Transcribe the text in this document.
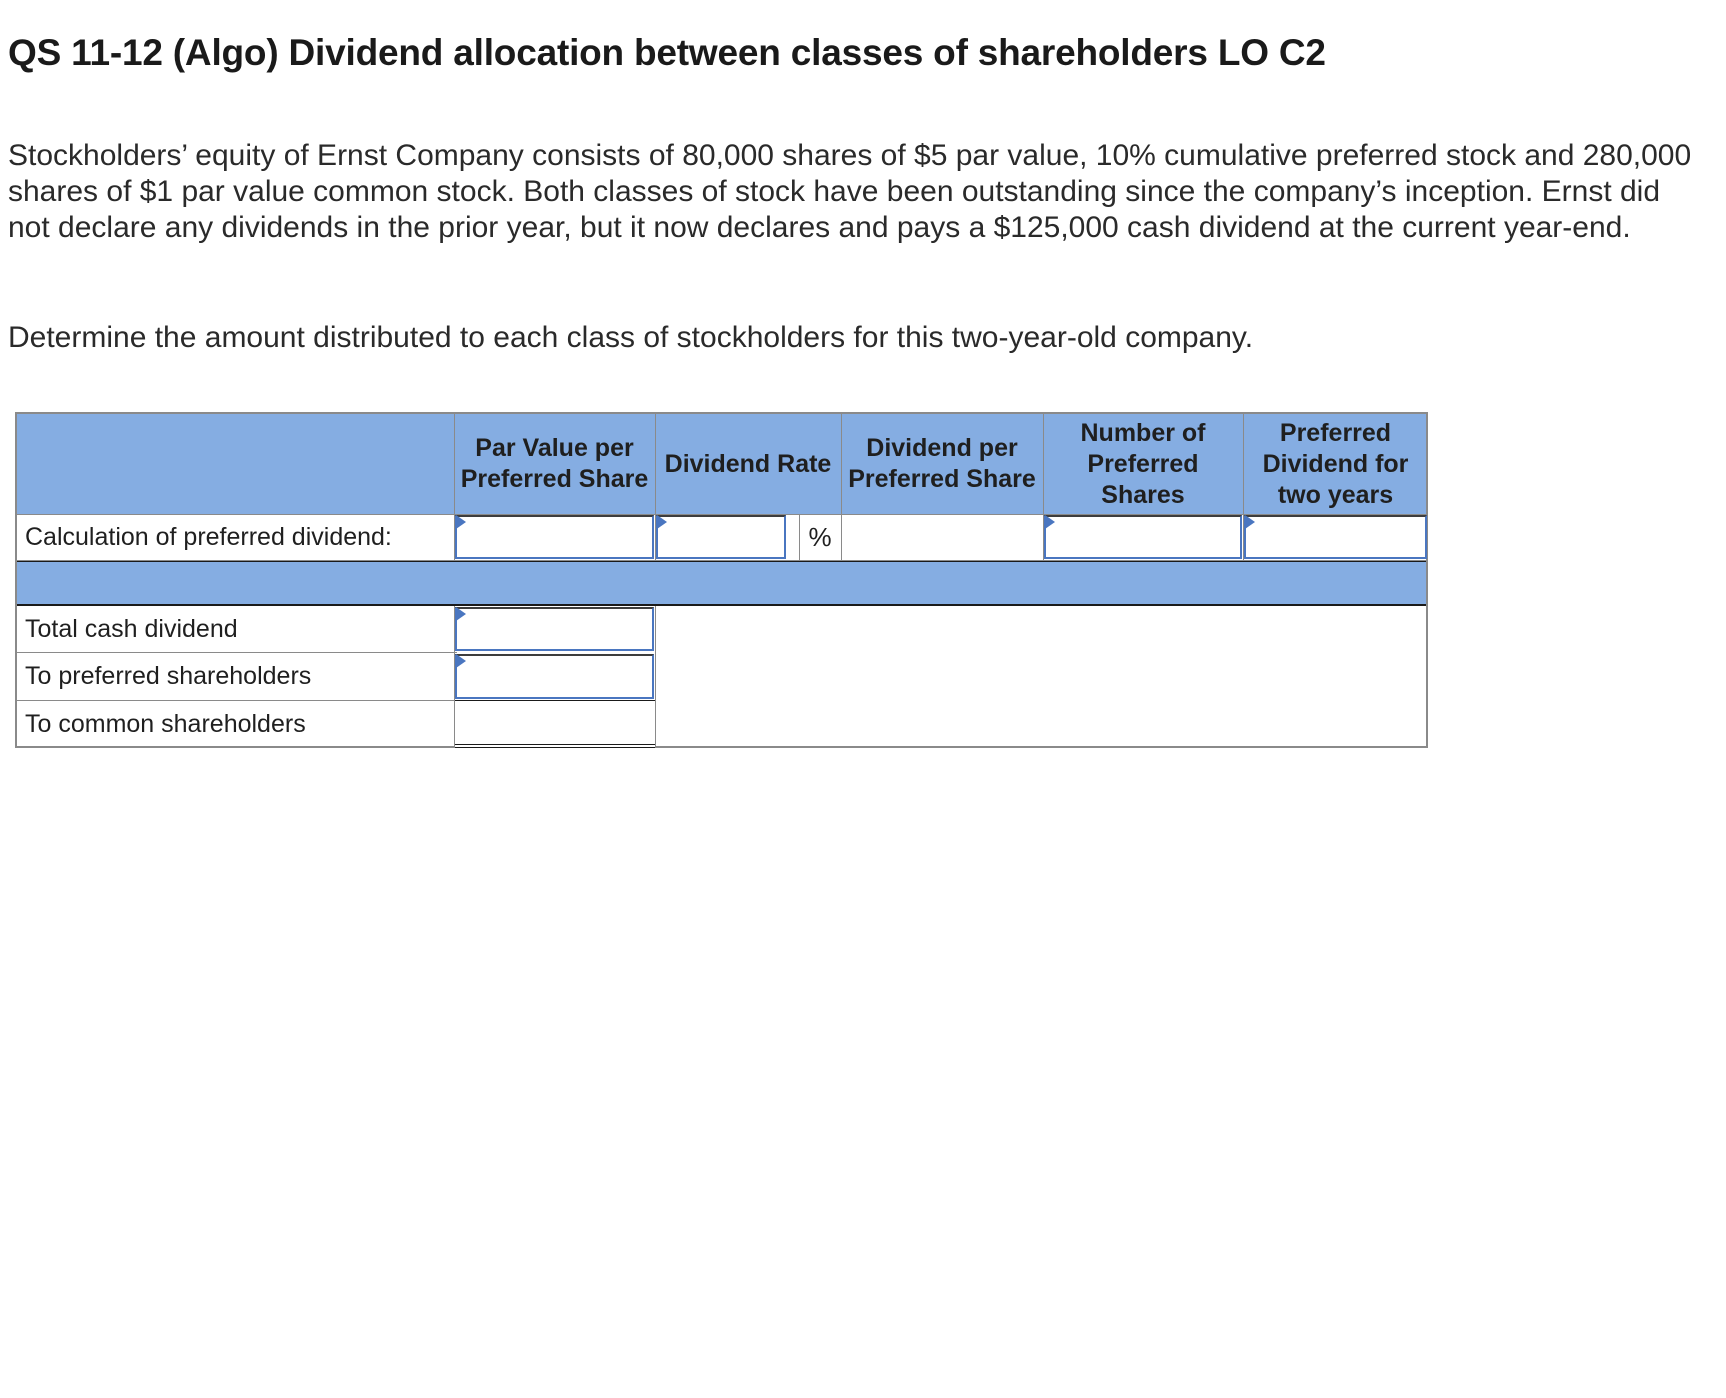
QS 11-12 (Algo) Dividend allocation between classes of shareholders LO C2

Stockholders’ equity of Ernst Company consists of 80,000 shares of $5 par value, 10% cumulative preferred stock and 280,000 shares of $1 par value common stock. Both classes of stock have been outstanding since the company’s inception. Ernst did not declare any dividends in the prior year, but it now declares and pays a $125,000 cash dividend at the current year-end.

Determine the amount distributed to each class of stockholders for this two-year-old company.

Par Value per Preferred Share
Dividend Rate
Dividend per Preferred Share
Number of Preferred Shares
Preferred Dividend for two years
Calculation of preferred dividend:	%
Total cash dividend
To preferred shareholders
To common shareholders
